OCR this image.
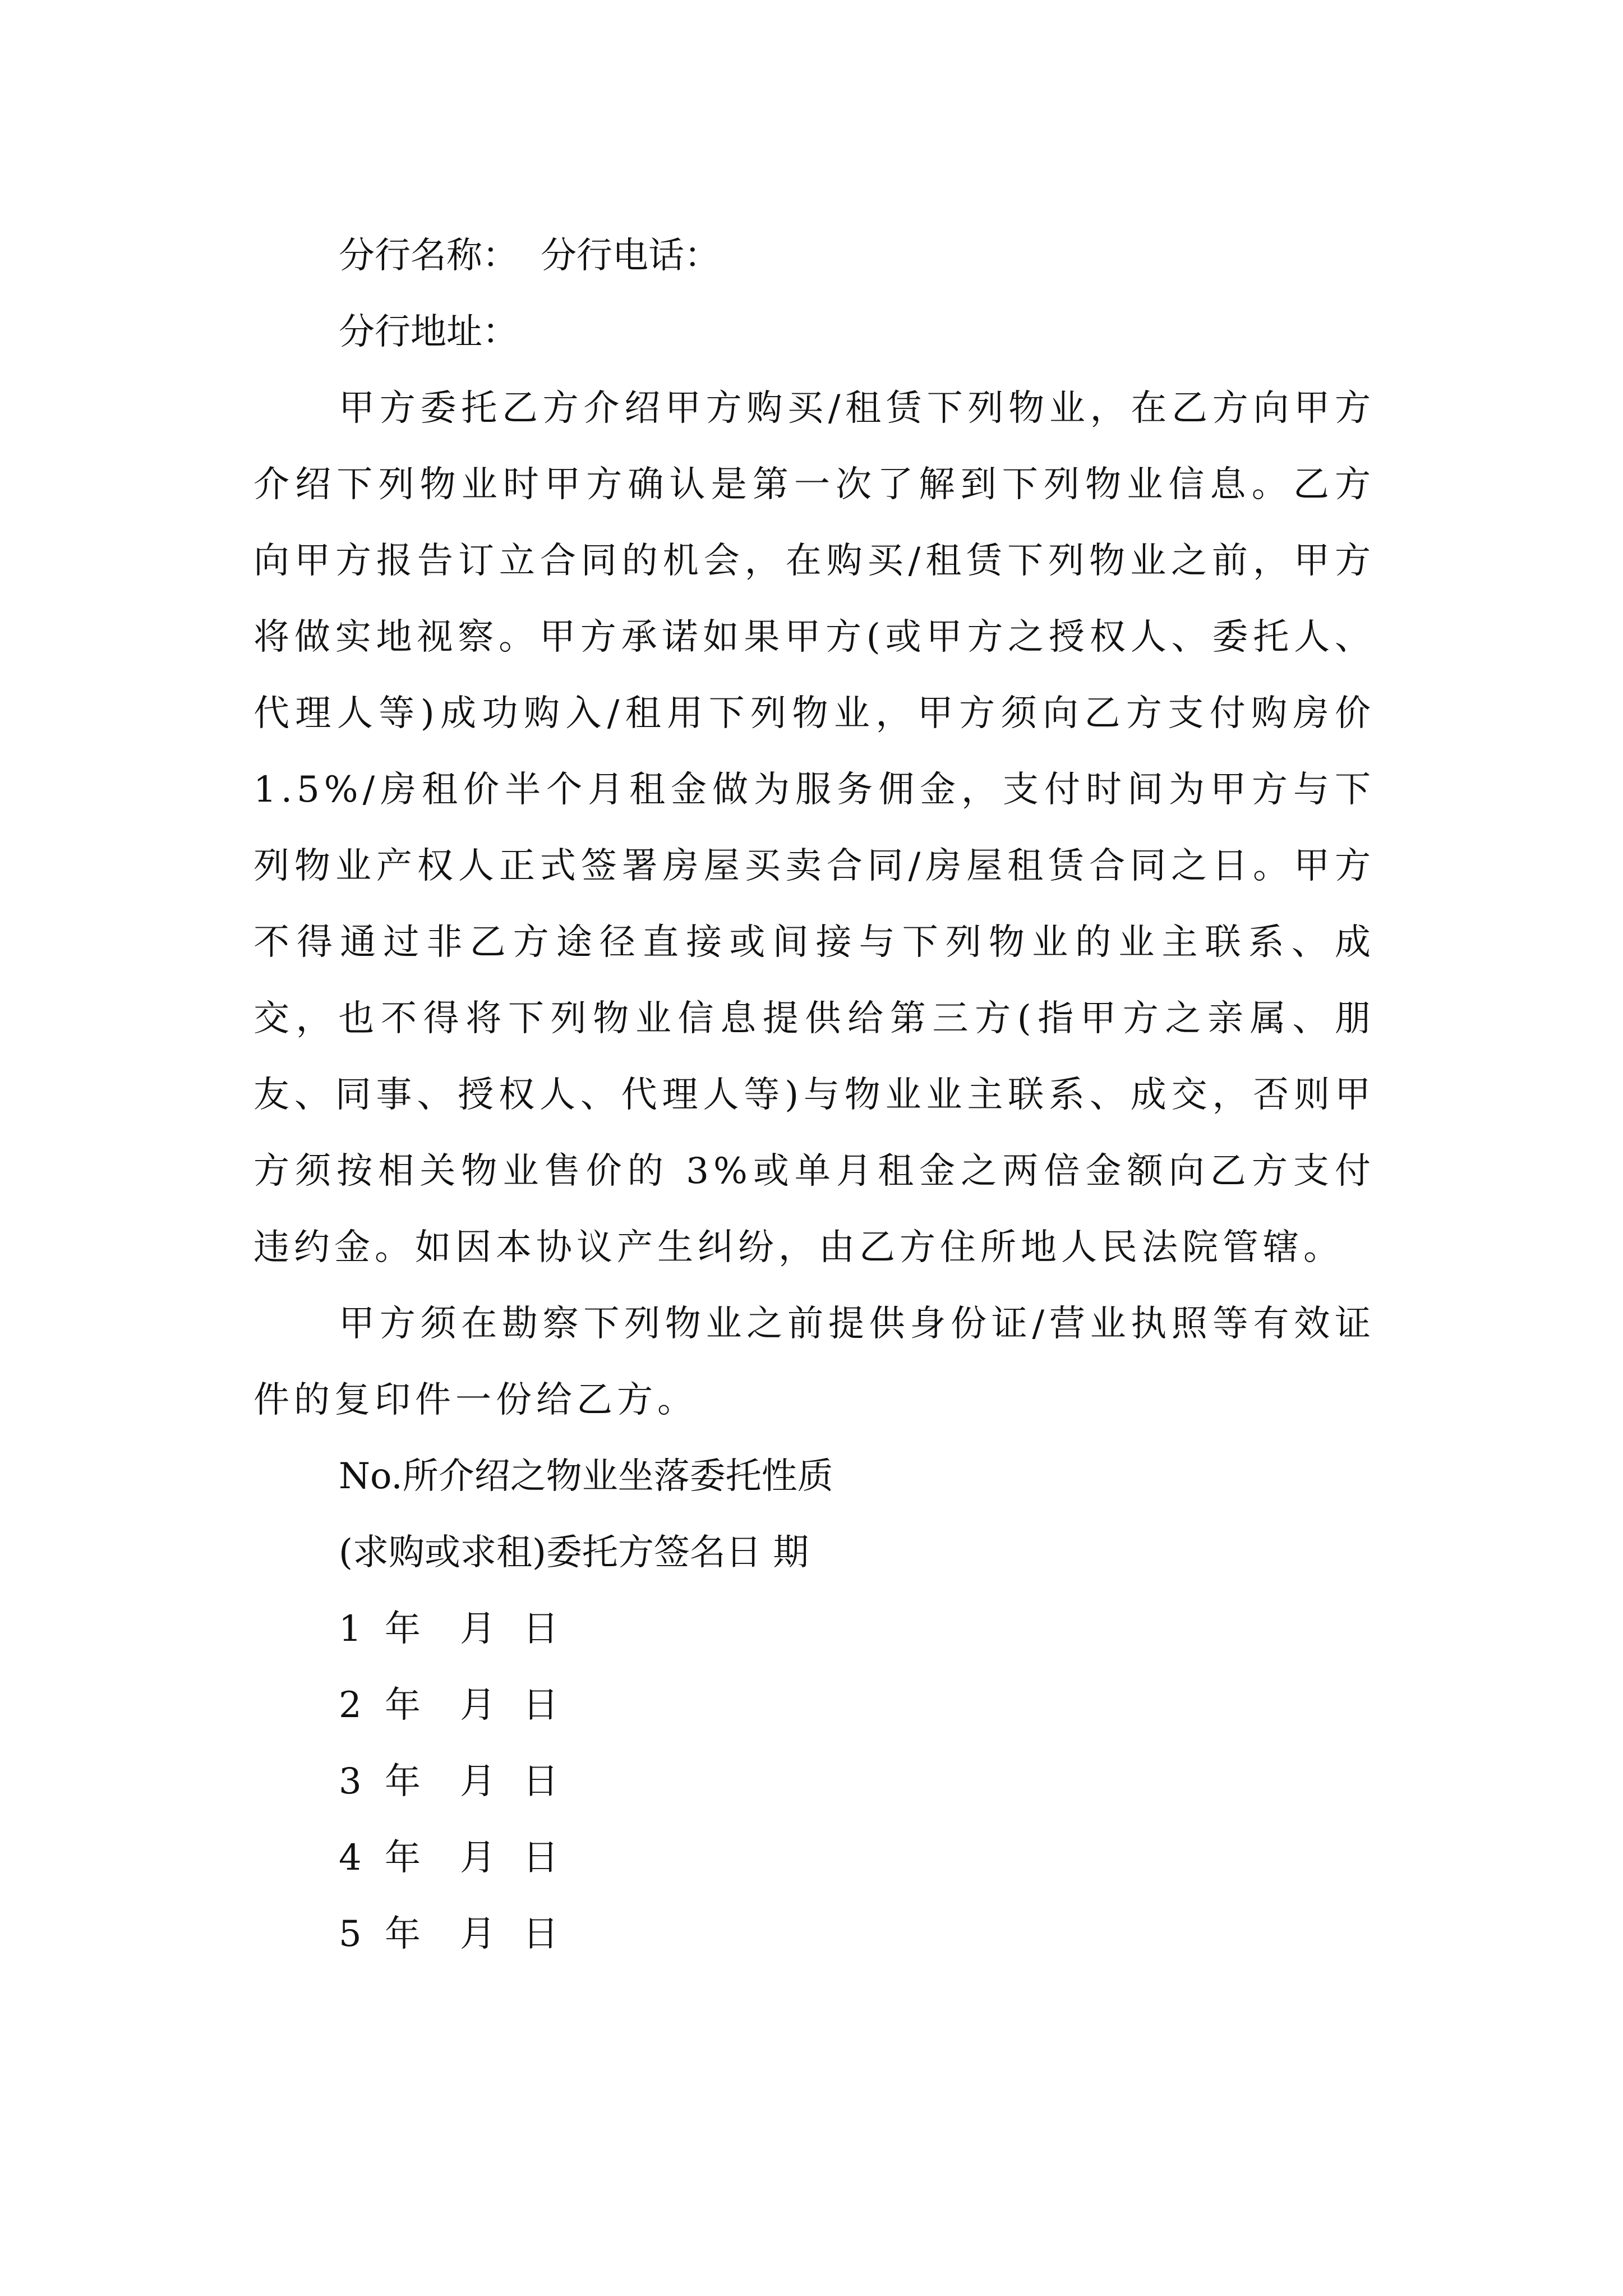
分行名称： 分行电话：
分行地址：

甲方委托乙方介绍甲方购买/租赁下列物业，在乙方向甲方介绍下列物业时甲方确认是第一次了解到下列物业信息。乙方向甲方报告订立合同的机会，在购买/租赁下列物业之前，甲方将做实地视察。甲方承诺如果甲方(或甲方之授权人、委托人、代理人等)成功购入/租用下列物业，甲方须向乙方支付购房价 1.5%/房租价半个月租金做为服务佣金，支付时间为甲方与下列物业产权人正式签署房屋买卖合同/房屋租赁合同之日。甲方不得通过非乙方途径直接或间接与下列物业的业主联系、成交，也不得将下列物业信息提供给第三方(指甲方之亲属、朋友、同事、授权人、代理人等)与物业业主联系、成交，否则甲方须按相关物业售价的 3%或单月租金之两倍金额向乙方支付违约金。如因本协议产生纠纷，由乙方住所地人民法院管辖。

甲方须在勘察下列物业之前提供身份证/营业执照等有效证件的复印件一份给乙方。

No.所介绍之物业坐落委托性质
(求购或求租)委托方签名日 期
1 年 月 日
2 年 月 日
3 年 月 日
4 年 月 日
5 年 月 日
